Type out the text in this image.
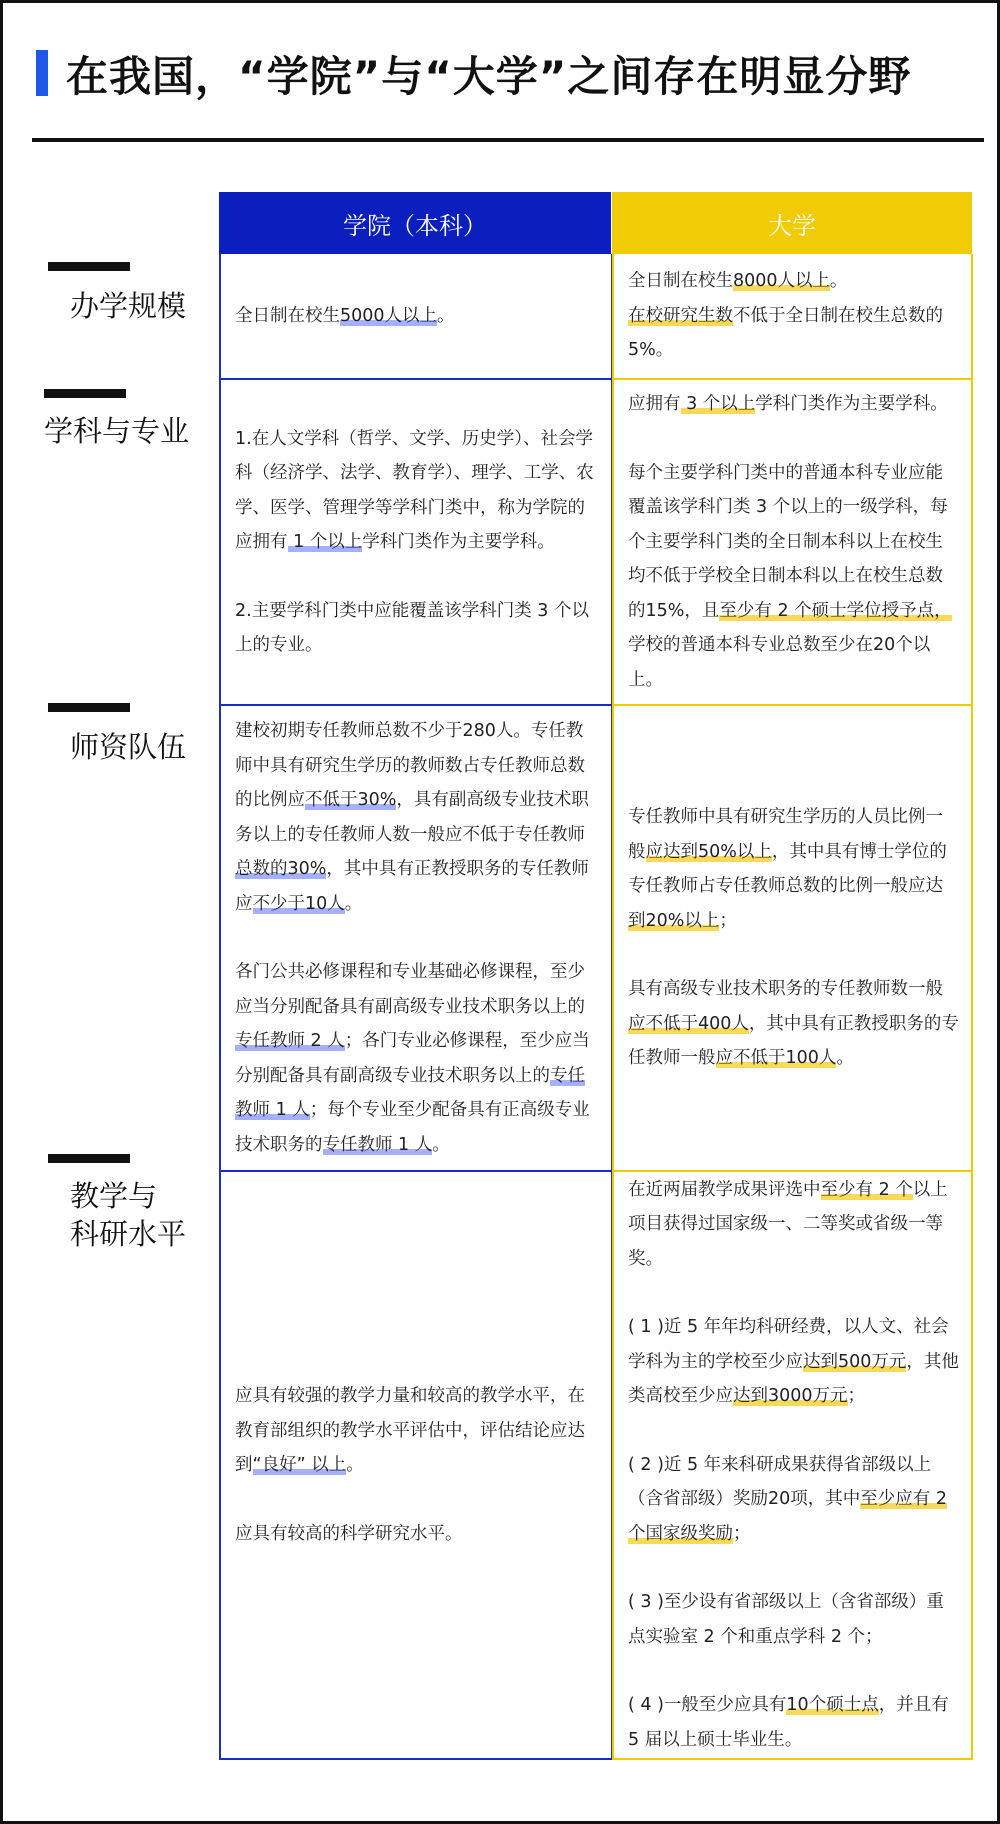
在我国，“学院”与“大学”之间存在明显分野
办学规模
学科与专业
师资队伍
教学与
科研水平
学院（本科）	大学

全日制在校生5000人以上。

全日制在校生8000人以上。
在校研究生数不低于全日制在校生总数的5%。

1.在人文学科（哲学、文学、历史学）、社会学科（经济学、法学、教育学）、理学、工学、农学、医学、管理学等学科门类中，称为学院的应拥有 1 个以上学科门类作为主要学科。

2.主要学科门类中应能覆盖该学科门类 3 个以上的专业。

应拥有 3 个以上学科门类作为主要学科。

每个主要学科门类中的普通本科专业应能覆盖该学科门类 3 个以上的一级学科，每个主要学科门类的全日制本科以上在校生均不低于学校全日制本科以上在校生总数的15%，且至少有 2 个硕士学位授予点，学校的普通本科专业总数至少在20个以上。

建校初期专任教师总数不少于280人。专任教师中具有研究生学历的教师数占专任教师总数的比例应不低于30%，具有副高级专业技术职务以上的专任教师人数一般应不低于专任教师总数的30%，其中具有正教授职务的专任教师应不少于10人。

各门公共必修课程和专业基础必修课程，至少应当分别配备具有副高级专业技术职务以上的专任教师 2 人；各门专业必修课程，至少应当分别配备具有副高级专业技术职务以上的专任教师 1 人；每个专业至少配备具有正高级专业技术职务的专任教师 1 人。

专任教师中具有研究生学历的人员比例一般应达到50%以上，其中具有博士学位的专任教师占专任教师总数的比例一般应达到20%以上；

具有高级专业技术职务的专任教师数一般应不低于400人，其中具有正教授职务的专任教师一般应不低于100人。

应具有较强的教学力量和较高的教学水平，在教育部组织的教学水平评估中，评估结论应达到“良好” 以上。

应具有较高的科学研究水平。

在近两届教学成果评选中至少有 2 个以上项目获得过国家级一、二等奖或省级一等奖。

( 1 )近 5 年年均科研经费，以人文、社会学科为主的学校至少应达到500万元，其他类高校至少应达到3000万元；

( 2 )近 5 年来科研成果获得省部级以上（含省部级）奖励20项，其中至少应有 2 个国家级奖励；

( 3 )至少设有省部级以上（含省部级）重点实验室 2 个和重点学科 2 个；

( 4 )一般至少应具有10个硕士点，并且有 5 届以上硕士毕业生。
